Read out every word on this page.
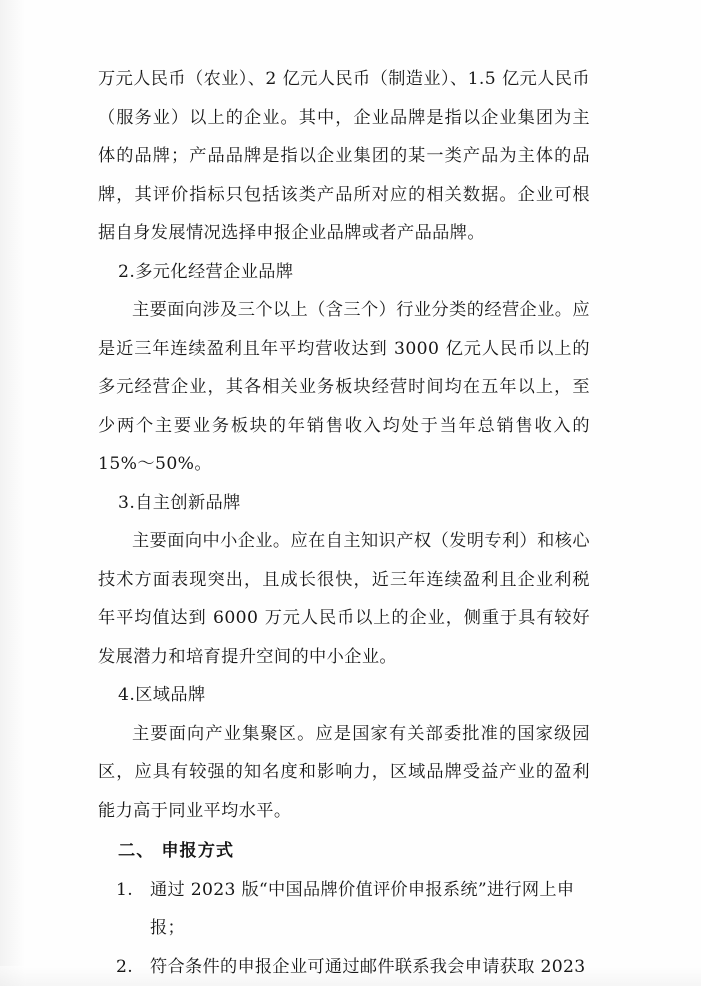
万元人民币（农业）、2 亿元人民币（制造业）、1.5 亿元人民币（服务业）以上的企业。其中，企业品牌是指以企业集团为主体的品牌；产品品牌是指以企业集团的某一类产品为主体的品牌，其评价指标只包括该类产品所对应的相关数据。企业可根据自身发展情况选择申报企业品牌或者产品品牌。

2.多元化经营企业品牌

主要面向涉及三个以上（含三个）行业分类的经营企业。应是近三年连续盈利且年平均营收达到 3000 亿元人民币以上的多元经营企业，其各相关业务板块经营时间均在五年以上，至少两个主要业务板块的年销售收入均处于当年总销售收入的 15%～50%。

3.自主创新品牌

主要面向中小企业。应在自主知识产权（发明专利）和核心技术方面表现突出，且成长很快，近三年连续盈利且企业利税年平均值达到 6000 万元人民币以上的企业，侧重于具有较好发展潜力和培育提升空间的中小企业。

4.区域品牌

主要面向产业集聚区。应是国家有关部委批准的国家级园区，应具有较强的知名度和影响力，区域品牌受益产业的盈利能力高于同业平均水平。

二、 申报方式

1. 通过 2023 版“中国品牌价值评价申报系统”进行网上申报；
2. 符合条件的申报企业可通过邮件联系我会申请获取 2023
